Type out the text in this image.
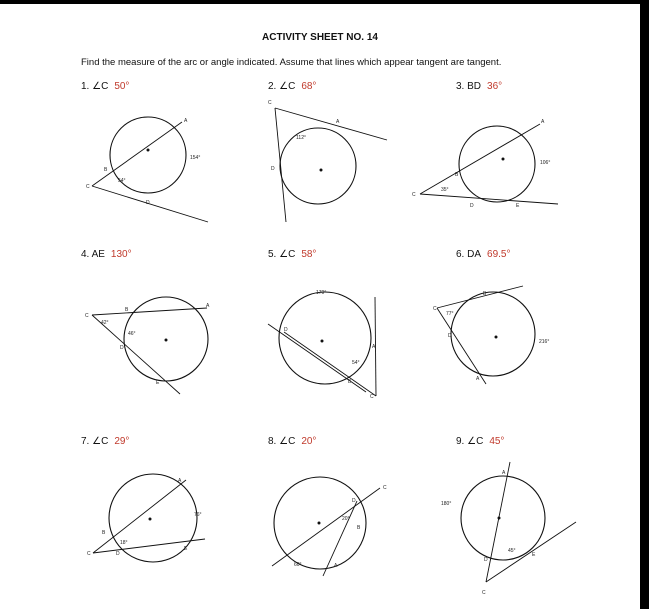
ACTIVITY SHEET NO. 14
Find the measure of the arc or angle indicated. Assume that lines which appear tangent are tangent.
1. ∠C 50°	2. ∠C 68°	3. BD 36°
4. AE 130°	5. ∠C 58°	6. DA 69.5°
7. ∠C 29°	8. ∠C 20°	9. ∠C 45°
A
B
C
D
154°
54°
A
C
D
112°
A
B
C
D	E
106°
35°
A
B
C
D
E
42°
46°
A
B
C
D
170°
54°
A
B
C
D
77°
216°
A
B
C	D
E
76°
18°
A
B
C
D
20°
60°
A
C
D
E
180°
45°
